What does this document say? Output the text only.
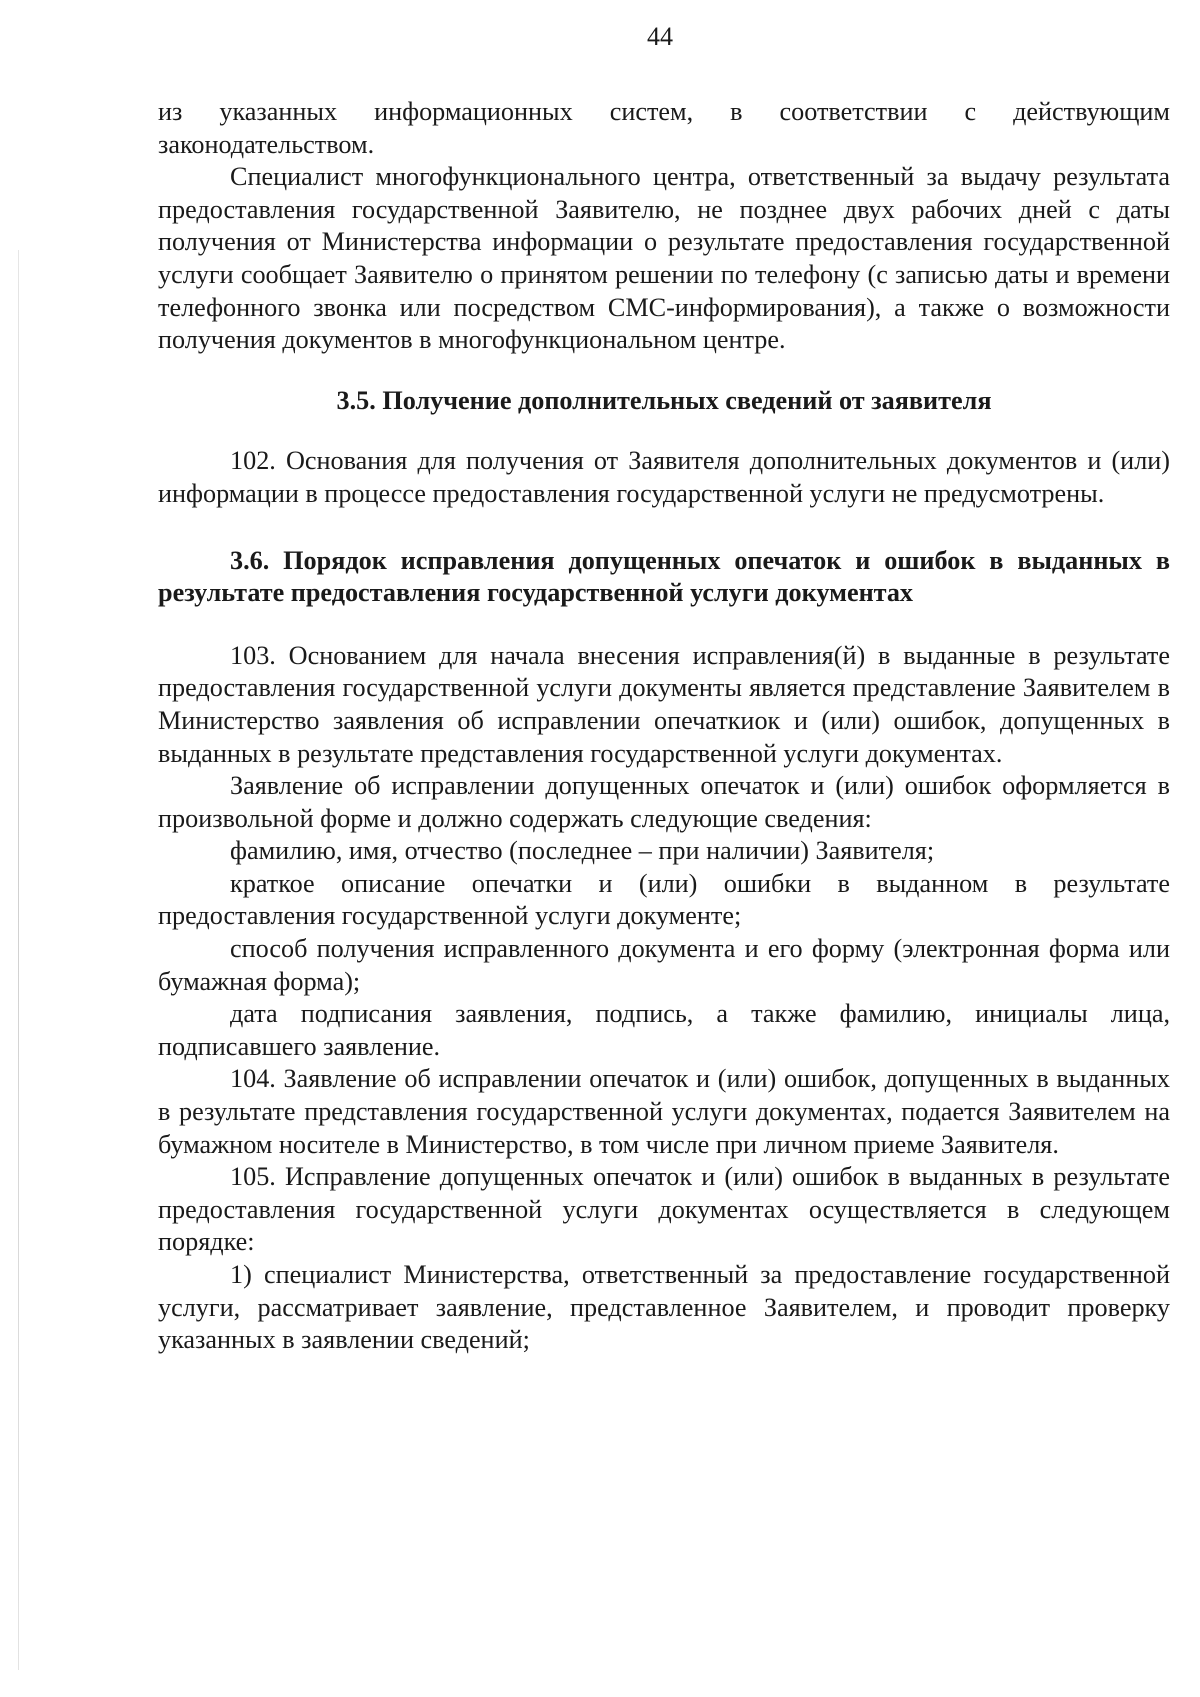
44

из указанных информационных систем, в соответствии с действующим законодательством.

Специалист многофункционального центра, ответственный за выдачу результата предоставления государственной Заявителю, не позднее двух рабочих дней с даты получения от Министерства информации о результате предоставления государственной услуги сообщает Заявителю о принятом решении по телефону (с записью даты и времени телефонного звонка или посредством СМС-информирования), а также о возможности получения документов в многофункциональном центре.

3.5. Получение дополнительных сведений от заявителя

102. Основания для получения от Заявителя дополнительных документов и (или) информации в процессе предоставления государственной услуги не предусмотрены.

3.6. Порядок исправления допущенных опечаток и ошибок в выданных в результате предоставления государственной услуги документах

103. Основанием для начала внесения исправления(й) в выданные в результате предоставления государственной услуги документы является представление Заявителем в Министерство заявления об исправлении опечаткиок и (или) ошибок, допущенных в выданных в результате представления государственной услуги документах.

Заявление об исправлении допущенных опечаток и (или) ошибок оформляется в произвольной форме и должно содержать следующие сведения:

фамилию, имя, отчество (последнее – при наличии) Заявителя;

краткое описание опечатки и (или) ошибки в выданном в результате предоставления государственной услуги документе;

способ получения исправленного документа и его форму (электронная форма или бумажная форма);

дата подписания заявления, подпись, а также фамилию, инициалы лица, подписавшего заявление.

104. Заявление об исправлении опечаток и (или) ошибок, допущенных в выданных в результате представления государственной услуги документах, подается Заявителем на бумажном носителе в Министерство, в том числе при личном приеме Заявителя.

105. Исправление допущенных опечаток и (или) ошибок в выданных в результате предоставления государственной услуги документах осуществляется в следующем порядке:

1) специалист Министерства, ответственный за предоставление государственной услуги, рассматривает заявление, представленное Заявителем, и проводит проверку указанных в заявлении сведений;
